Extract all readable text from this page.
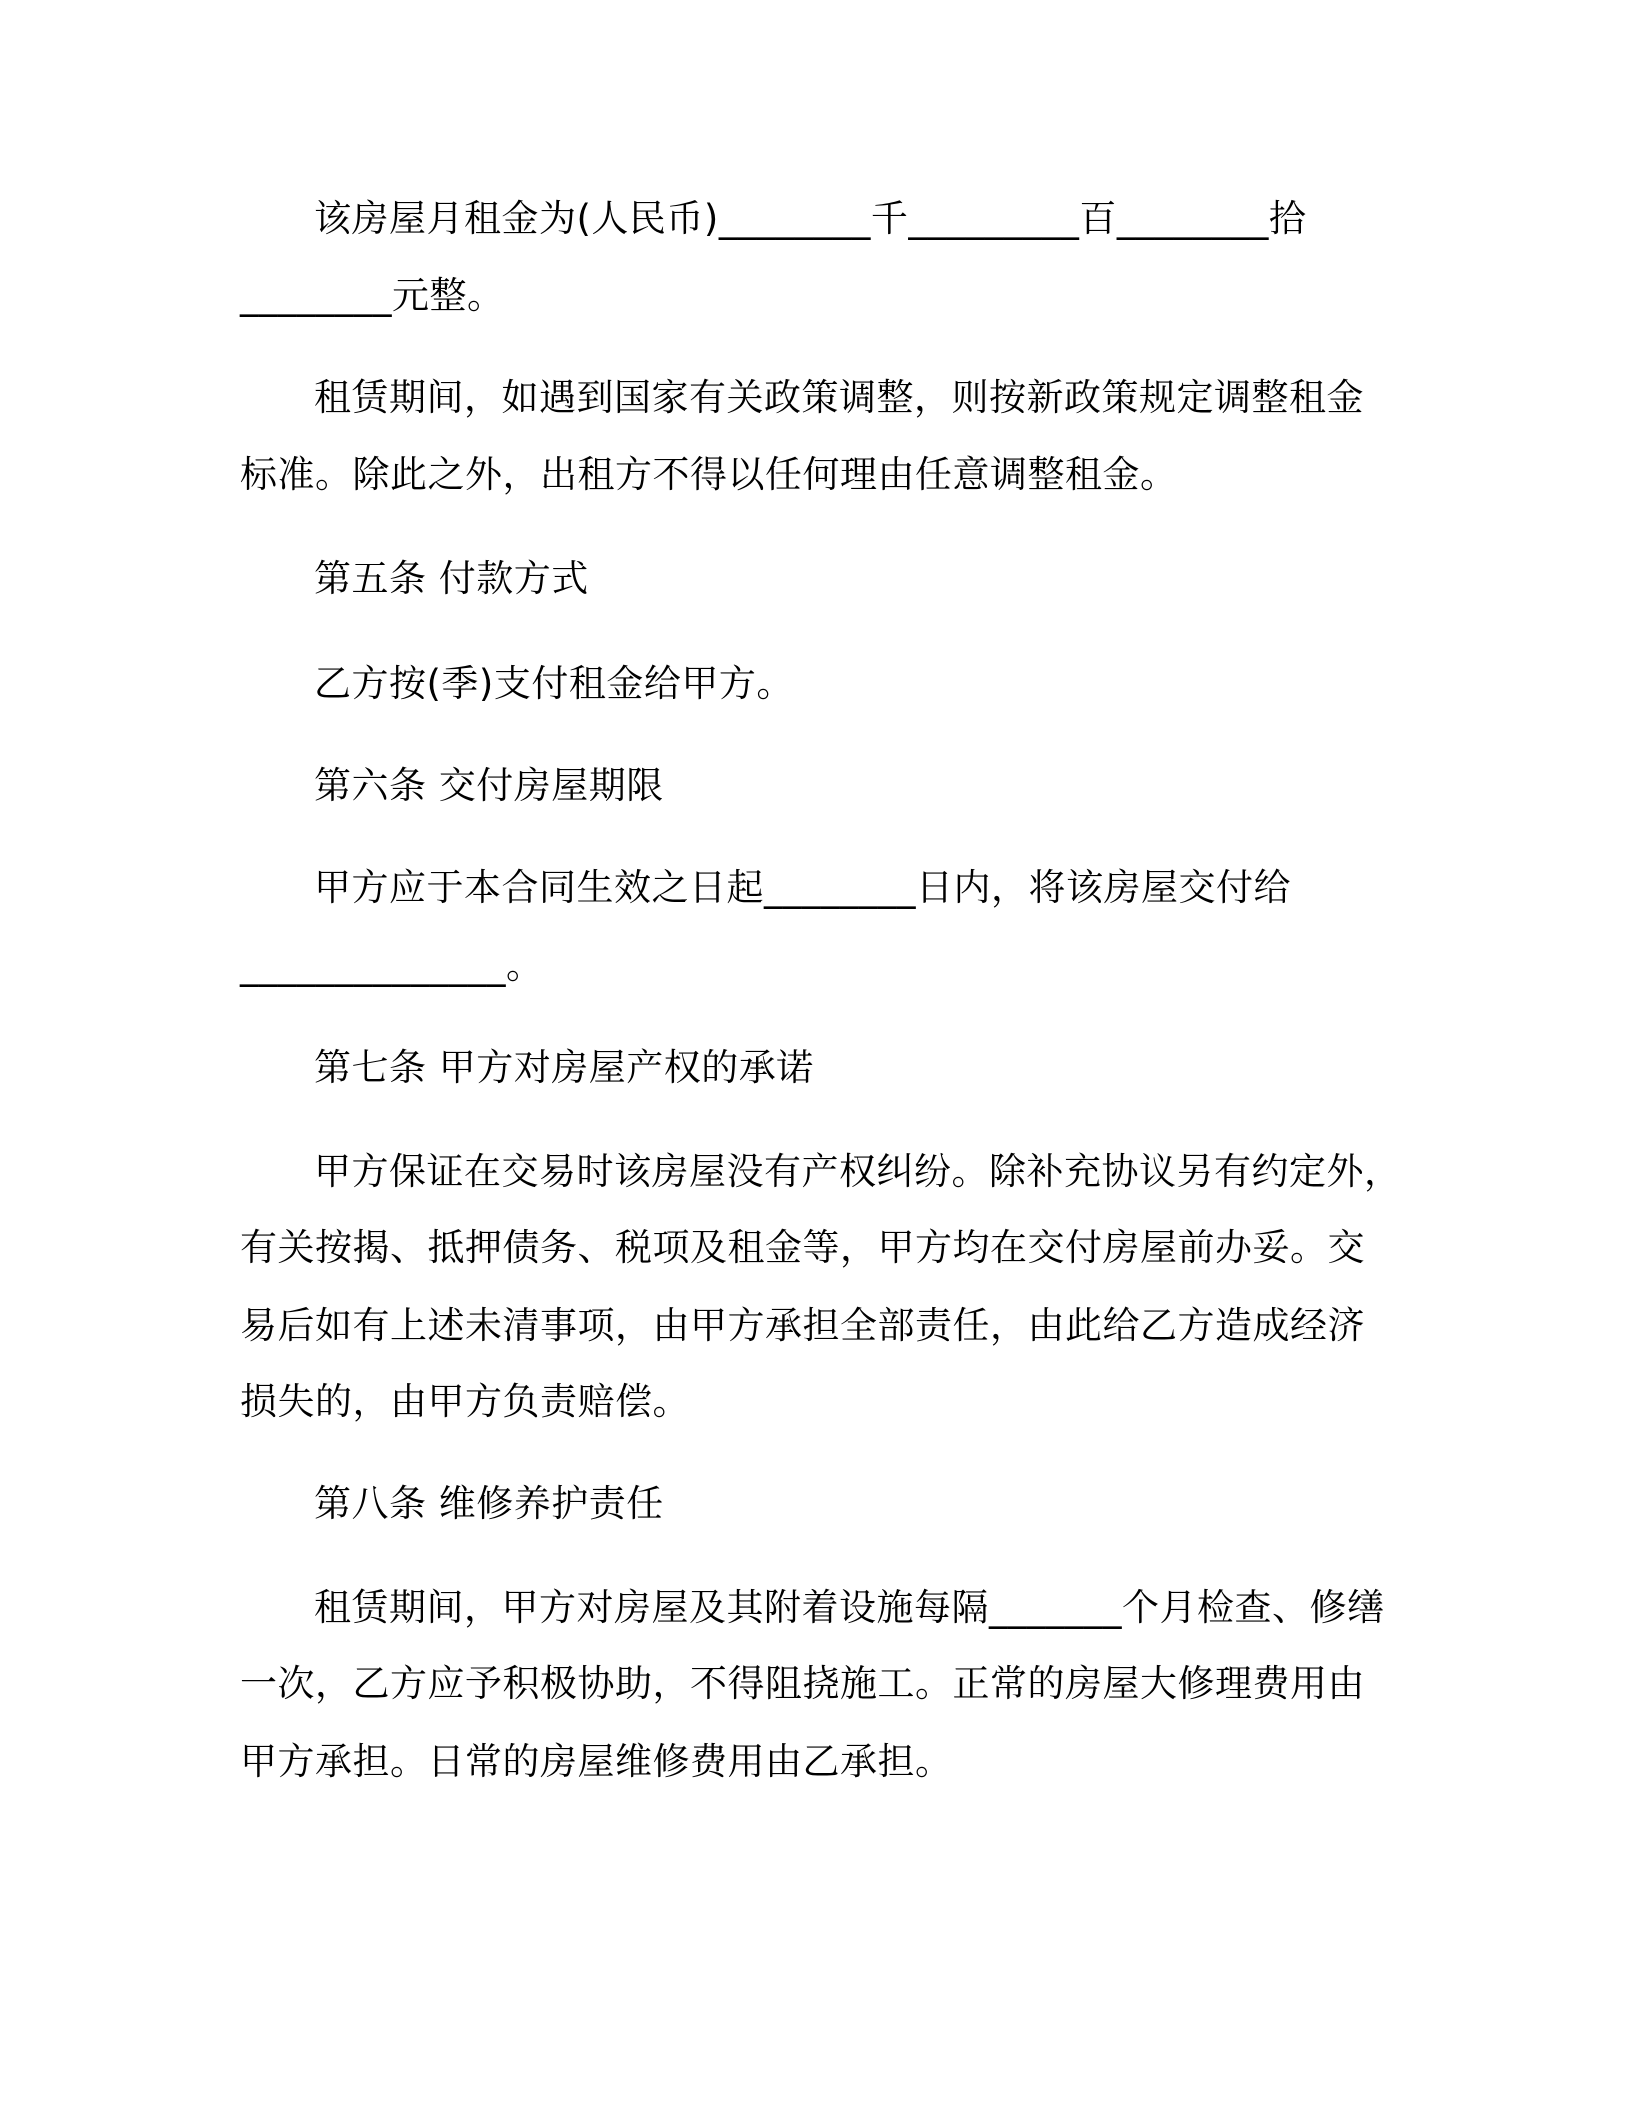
该房屋月租金为(人民币)________千_________百________拾
________元整。
租赁期间，如遇到国家有关政策调整，则按新政策规定调整租金
标准。除此之外，出租方不得以任何理由任意调整租金。
第五条 付款方式
乙方按(季)支付租金给甲方。
第六条 交付房屋期限
甲方应于本合同生效之日起________日内，将该房屋交付给
______________。
第七条 甲方对房屋产权的承诺
甲方保证在交易时该房屋没有产权纠纷。除补充协议另有约定外，
有关按揭、抵押债务、税项及租金等，甲方均在交付房屋前办妥。交
易后如有上述未清事项，由甲方承担全部责任，由此给乙方造成经济
损失的，由甲方负责赔偿。
第八条 维修养护责任
租赁期间，甲方对房屋及其附着设施每隔_______个月检查、修缮
一次，乙方应予积极协助，不得阻挠施工。正常的房屋大修理费用由
甲方承担。日常的房屋维修费用由乙承担。
